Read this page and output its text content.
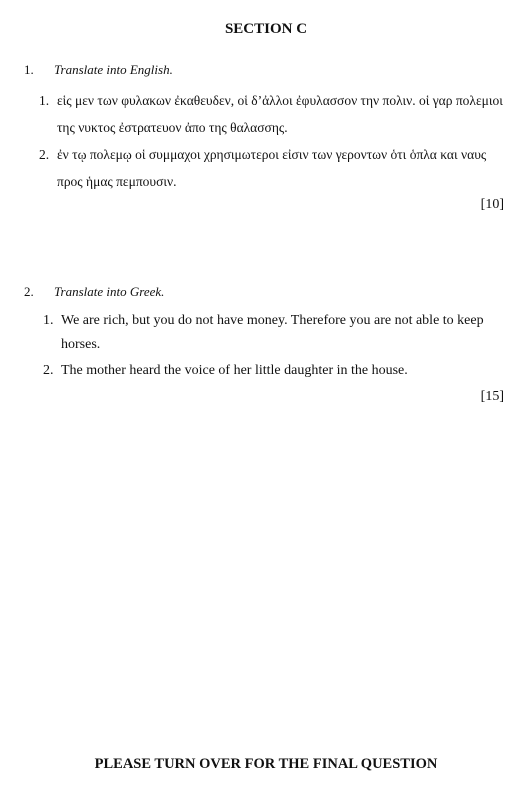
SECTION C
1. Translate into English.
1. εἱς μεν των φυλακων ἐκαθευδεν, οἱ δ’ἀλλοι ἐφυλασσον την πολιν. οἱ γαρ πολεμιοι της νυκτος ἐστρατευον ἀπο της θαλασσης.
2. ἐν τῳ πολεμῳ οἱ συμμαχοι χρησιμωτεροι εἰσιν των γεροντων ὁτι ὁπλα και ναυς προς ἡμας πεμπουσιν.
[10]
2. Translate into Greek.
1. We are rich, but you do not have money. Therefore you are not able to keep horses.
2. The mother heard the voice of her little daughter in the house.
[15]
PLEASE TURN OVER FOR THE FINAL QUESTION
